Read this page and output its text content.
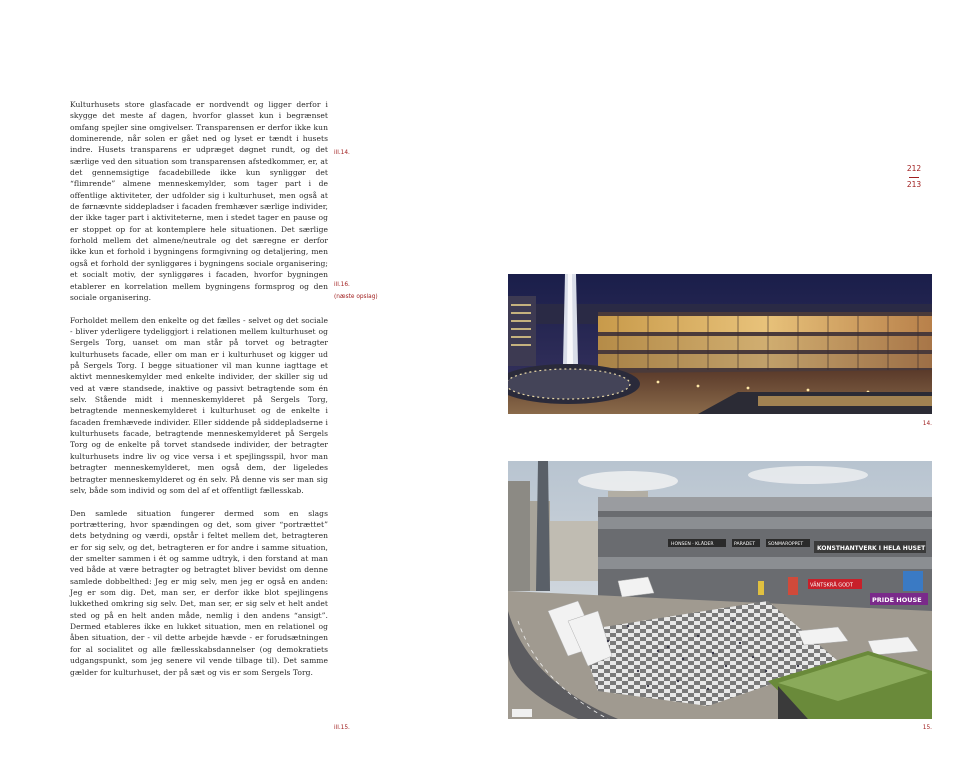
Kulturhusets store glasfacade er nordvendt og ligger derfor i skygge det meste af dagen, hvorfor glasset kun i begrænset omfang spejler sine omgivelser. Transparensen er derfor ikke kun dominerende, når solen er gået ned og lyset er tændt i husets indre. Husets transparens er udpræget døgnet rundt, og det særlige ved den situation som transparensen afstedkommer, er, at det gennemsigtige facadebillede ikke kun synliggør det “flimrende” almene menneskemylder, som tager part i de offentlige aktiviteter, der udfolder sig i kulturhuset, men også at de førnævnte siddepladser i facaden fremhæver særlige individer, der ikke tager part i aktiviteterne, men i stedet tager en pause og er stoppet op for at kontemplere hele situationen. Det særlige forhold mellem det almene/neutrale og det særegne er derfor ikke kun et forhold i bygningens formgivning og detaljering, men også et forhold der synliggøres i bygningens sociale organisering; et socialt motiv, der synliggøres i facaden, hvorfor bygningen etablerer en korrelation mellem bygningens formsprog og den sociale organisering.

Forholdet mellem den enkelte og det fælles - selvet og det sociale - bliver yderligere tydeliggjort i relationen mellem kulturhuset og Sergels Torg, uanset om man står på torvet og betragter kulturhusets facade, eller om man er i kulturhuset og kigger ud på Sergels Torg. I begge situationer vil man kunne iagttage et aktivt menneskemylder med enkelte individer, der skiller sig ud ved at være standsede, inaktive og passivt betragtende som én selv. Stående midt i menneskemylderet på Sergels Torg, betragtende menneskemylderet i kulturhuset og de enkelte i facaden fremhævede individer. Eller siddende på siddepladserne i kulturhusets facade, betragtende menneskemylderet på Sergels Torg og de enkelte på torvet standsede individer, der betragter kulturhusets indre liv og vice versa i et spejlingsspil, hvor man betragter menneskemylderet, men også dem, der ligeledes betragter menneskemylderet og én selv. På denne vis ser man sig selv, både som individ og som del af et offentligt fællesskab.

Den samlede situation fungerer dermed som en slags portrættering, hvor spændingen og det, som giver “portrættet” dets betydning og værdi, opstår i feltet mellem det, betragteren er for sig selv, og det, betragteren er for andre i samme situation, der smelter sammen i ét og samme udtryk, i den forstand at man ved både at være betragter og betragtet bliver bevidst om denne samlede dobbelthed: Jeg er mig selv, men jeg er også en anden: Jeg er som dig. Det, man ser, er derfor ikke blot spejlingens lukkethed omkring sig selv. Det, man ser, er sig selv et helt andet sted og på en helt anden måde, nemlig i den andens “ansigt”. Dermed etableres ikke en lukket situation, men en relationel og åben situation, der - vil dette arbejde hævde - er forudsætningen for al socialitet og alle fællesskabsdannelser (og demokratiets udgangspunkt, som jeg senere vil vende tilbage til). Det samme gælder for kulturhuset, der på sæt og vis er som Sergels Torg.

ill.14.
ill.16.
(næste opslag)
ill.15.
212
213
14.
HONSEN · KLÄDER	PARADET	SONMAROPPET
KONSTHANTVERK I HELA HUSET
VÄNTSKRÅ GODT
PRIDE HOUSE
15.
